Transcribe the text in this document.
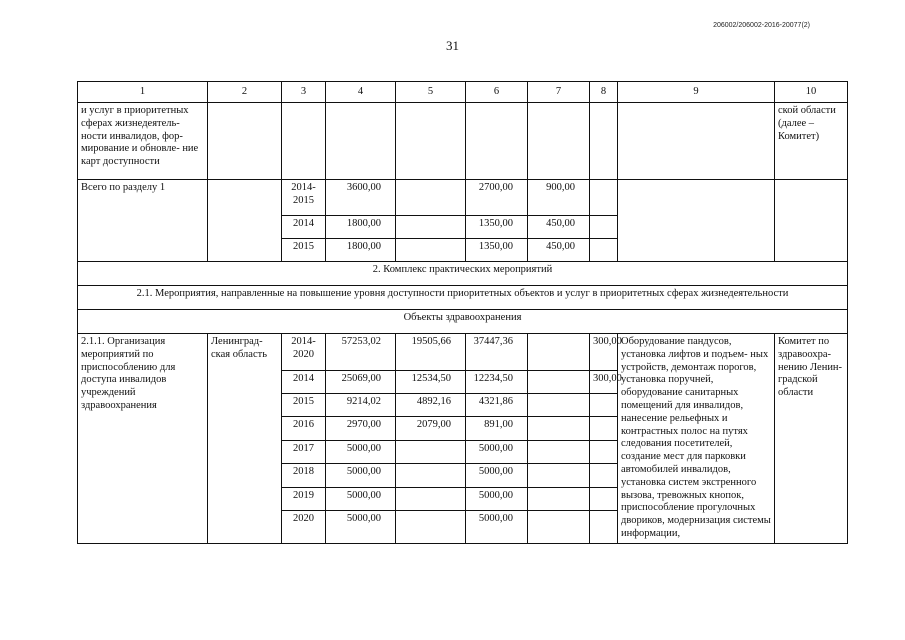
206002/206002-2016-20077(2)
31
1	2	3	4	5	6	7	8	9	10
и услуг в приоритетных сферах жизнедеятель- ности инвалидов, фор- мирование и обновле- ние карт доступности									ской области (далее – Комитет)
Всего по разделу 1		2014- 2015	3600,00		2700,00	900,00			
		2014	1800,00		1350,00	450,00			
		2015	1800,00		1350,00	450,00			
2. Комплекс практических мероприятий									
2.1. Мероприятия, направленные на повышение уровня доступности приоритетных объектов и услуг в приоритетных сферах жизнедеятельности									
Объекты здравоохранения									
2.1.1. Организация мероприятий по приспособлению для доступа инвалидов учреждений здравоохранения	Ленинград- ская область	2014- 2020	57253,02	19505,66	37447,36		300,00	Оборудование пандусов, установка лифтов и подъем- ных устройств, демонтаж порогов, установка поручней, оборудование санитарных помещений для инвалидов, нанесение рельефных и контрастных полос на путях следования посетителей, создание мест для парковки автомобилей инвалидов, установка систем экстренного вызова, тревожных кнопок, приспособление прогулочных двориков, модернизация системы информации,	Комитет по здравоохра- нению Ленин- градской области
		2014	25069,00	12534,50	12234,50		300,00		
		2015	9214,02	4892,16	4321,86				
		2016	2970,00	2079,00	891,00				
		2017	5000,00		5000,00				
		2018	5000,00		5000,00				
		2019	5000,00		5000,00				
		2020	5000,00		5000,00				
